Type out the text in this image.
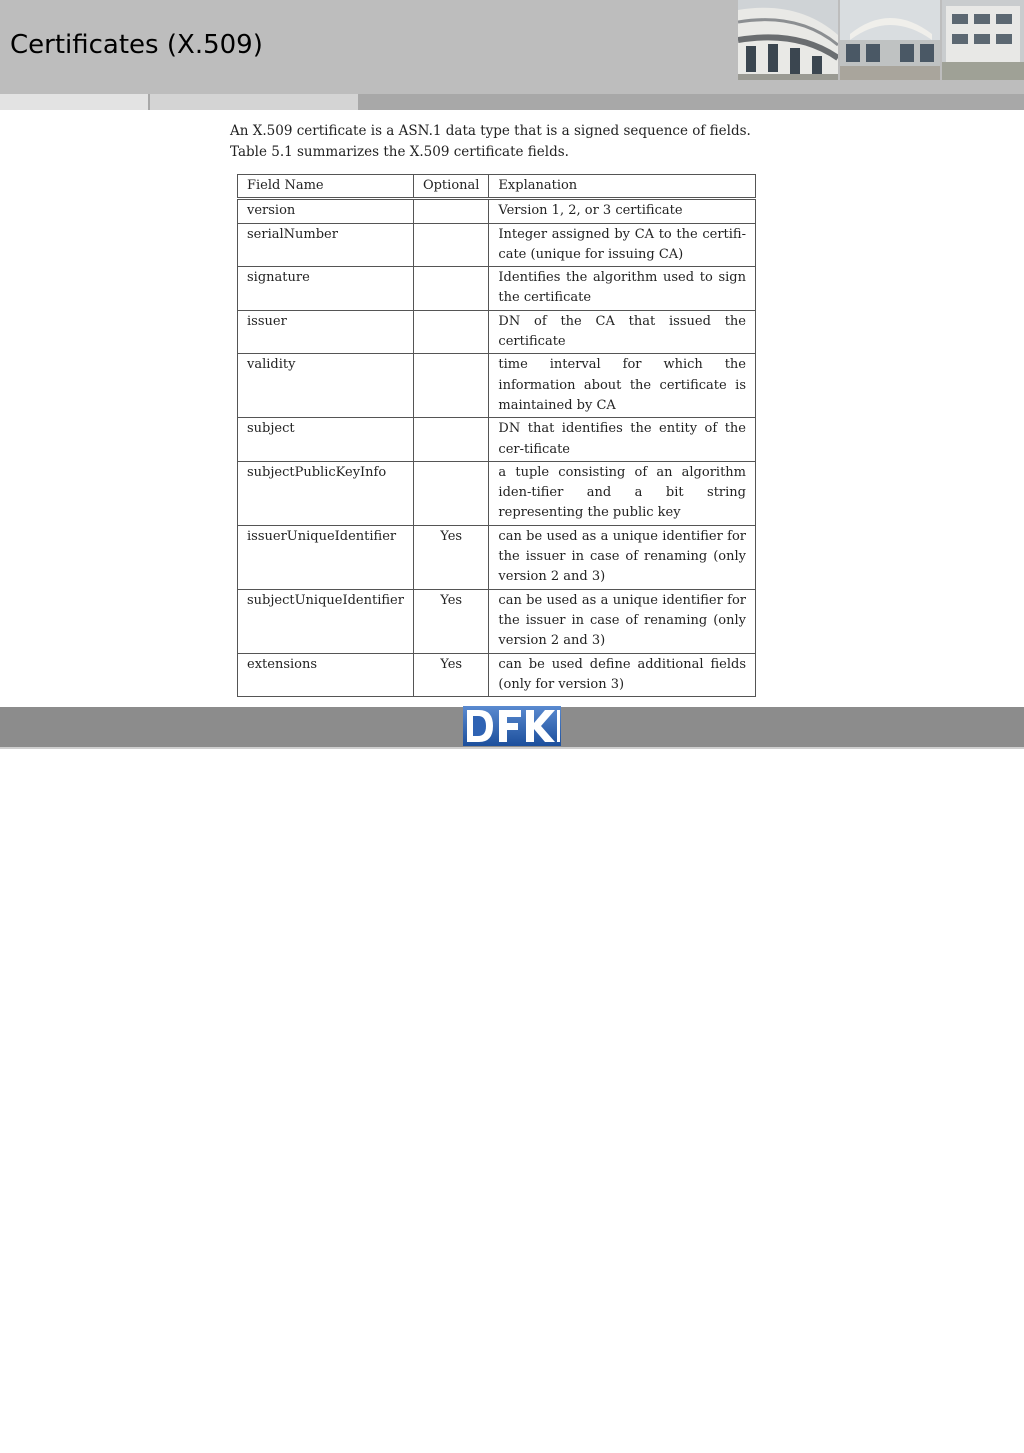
Certificates (X.509)
An X.509 certificate is a ASN.1 data type that is a signed sequence of fields. Table 5.1 summarizes the X.509 certificate fields.
Field Name	Optional	Explanation
version		Version 1, 2, or 3 certificate
serialNumber		Integer assigned by CA to the certifi-cate (unique for issuing CA)
signature		Identifies the algorithm used to sign the certificate
issuer		DN of the CA that issued the certificate
validity		time interval for which the information about the certificate is maintained by CA
subject		DN that identifies the entity of the cer-tificate
subjectPublicKeyInfo		a tuple consisting of an algorithm iden-tifier and a bit string representing the public key
issuerUniqueIdentifier	Yes	can be used as a unique identifier for the issuer in case of renaming (only version 2 and 3)
subjectUniqueIdentifier	Yes	can be used as a unique identifier for the issuer in case of renaming (only version 2 and 3)
extensions	Yes	can be used define additional fields (only for version 3)
German Research Center for
Artificial Intelligence
